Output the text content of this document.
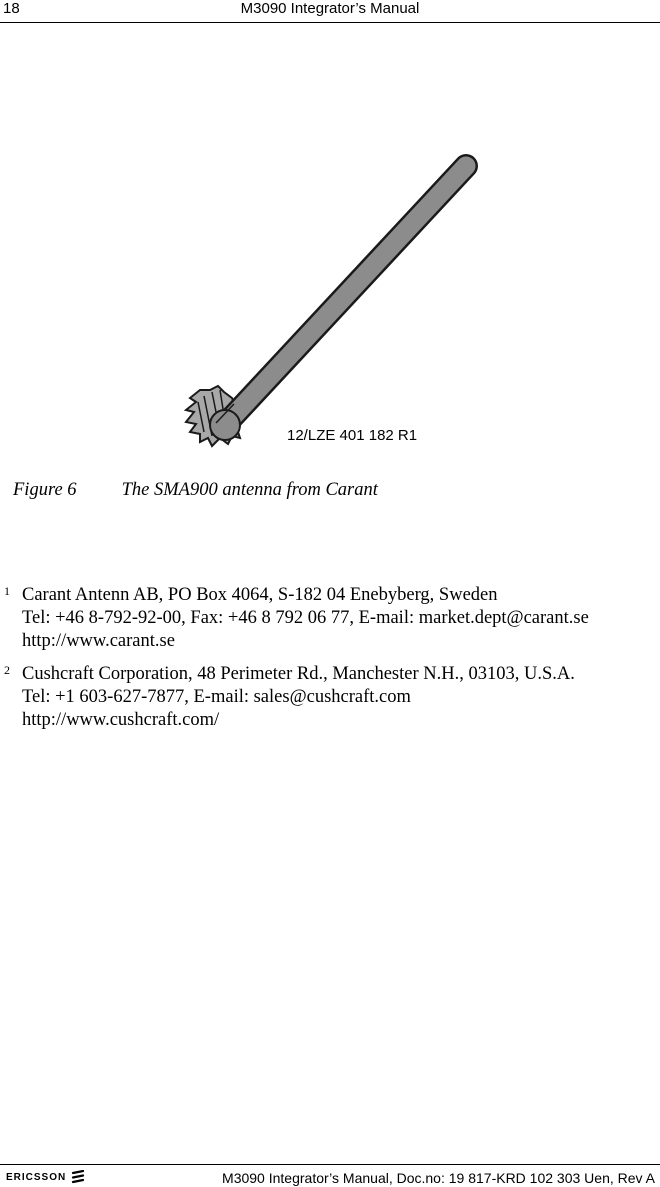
18	M3090 Integrator’s Manual
12/LZE 401 182 R1
Figure 6 The SMA900 antenna from Carant
1 Carant Antenn AB, PO Box 4064, S-182 04 Enebyberg, Sweden
Tel: +46 8-792-92-00, Fax: +46 8 792 06 77, E-mail: market.dept@carant.se
http://www.carant.se
2 Cushcraft Corporation, 48 Perimeter Rd., Manchester N.H., 03103, U.S.A.
Tel: +1 603-627-7877, E-mail: sales@cushcraft.com
http://www.cushcraft.com/
ERICSSON	M3090 Integrator’s Manual, Doc.no: 19 817-KRD 102 303 Uen, Rev A
